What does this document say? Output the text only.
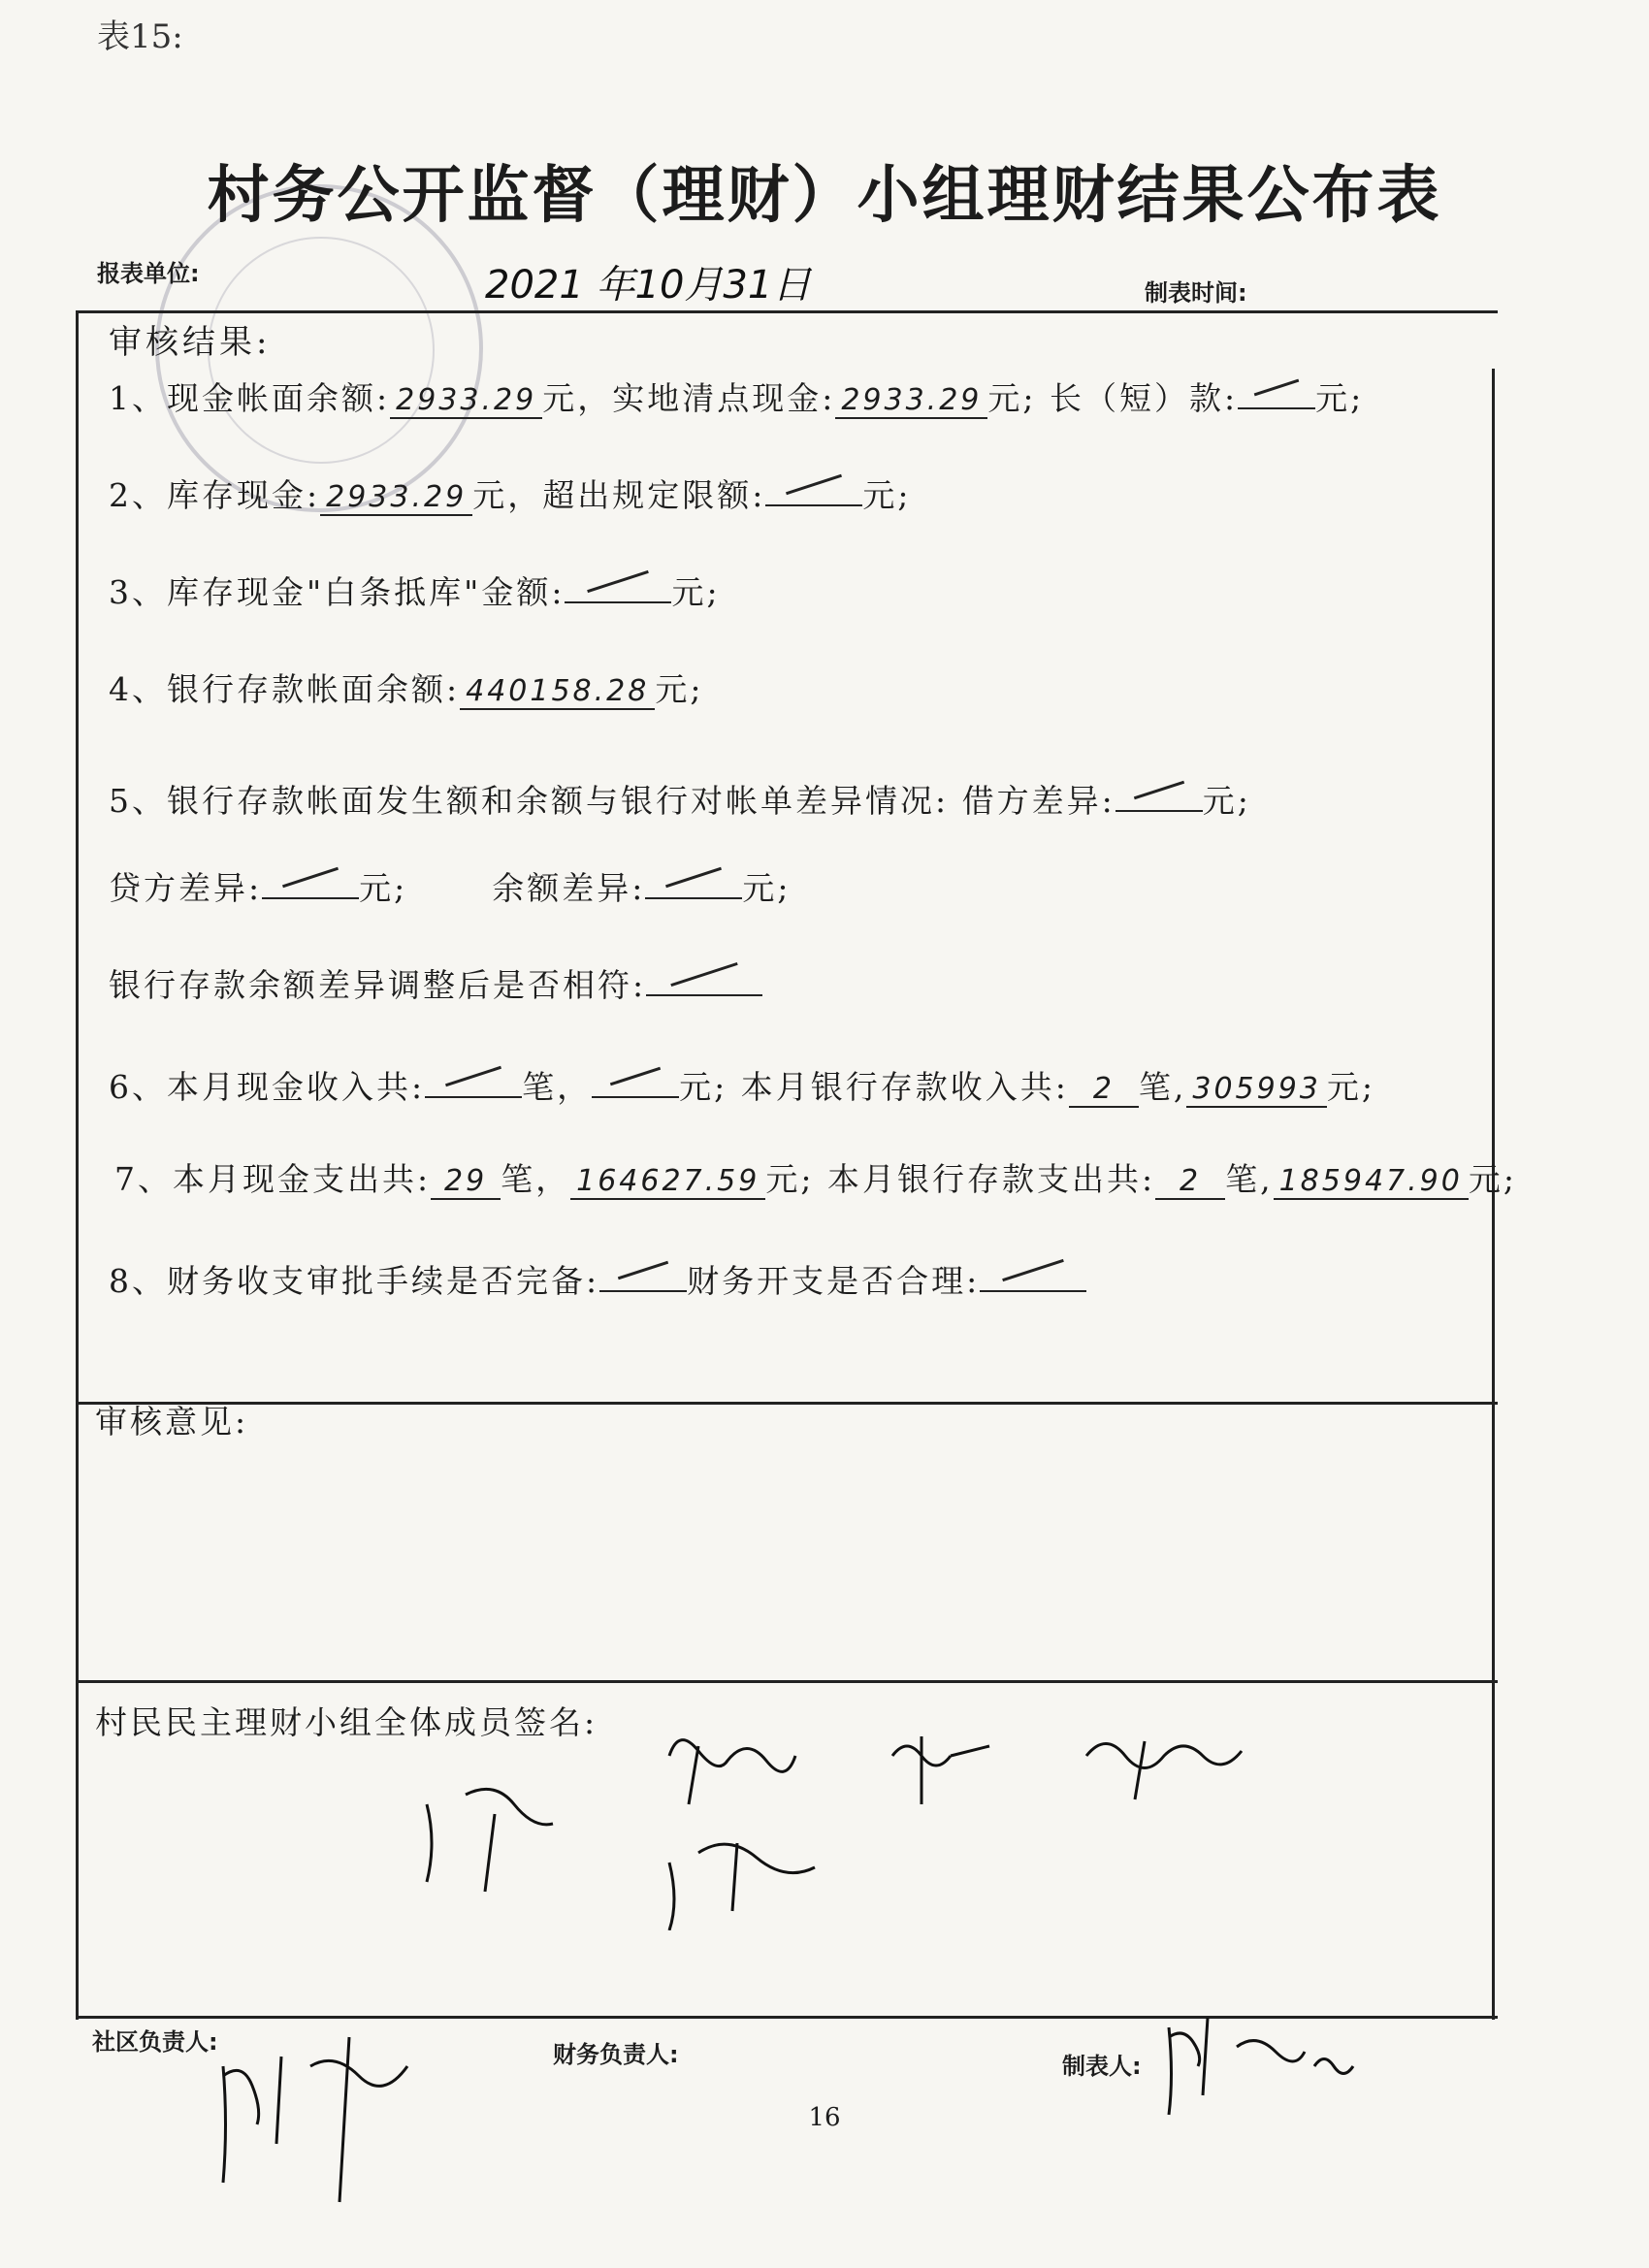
表15:
村务公开监督（理财）小组理财结果公布表
报表单位:	2021 年10月31日	制表时间:
审核结果:
1、现金帐面余额: 2933.29 元，实地清点现金: 2933.29 元; 长（短）款: 元;
2、库存现金: 2933.29 元，超出规定限额:	元;
3、库存现金"白条抵库"金额:	元;
4、银行存款帐面余额: 440158.28 元;
5、银行存款帐面发生额和余额与银行对帐单差异情况: 借方差异:	元;
贷方差异:	元;	余额差异:	元;
银行存款余额差异调整后是否相符:
6、本月现金收入共:	笔，	元; 本月银行存款收入共: 2 笔, 305993 元;
7、本月现金支出共: 29 笔， 164627.59 元; 本月银行存款支出共: 2 笔, 185947.90 元;
8、财务收支审批手续是否完备:	财务开支是否合理:
审核意见:
村民民主理财小组全体成员签名:
社区负责人:	财务负责人:	制表人:
16
